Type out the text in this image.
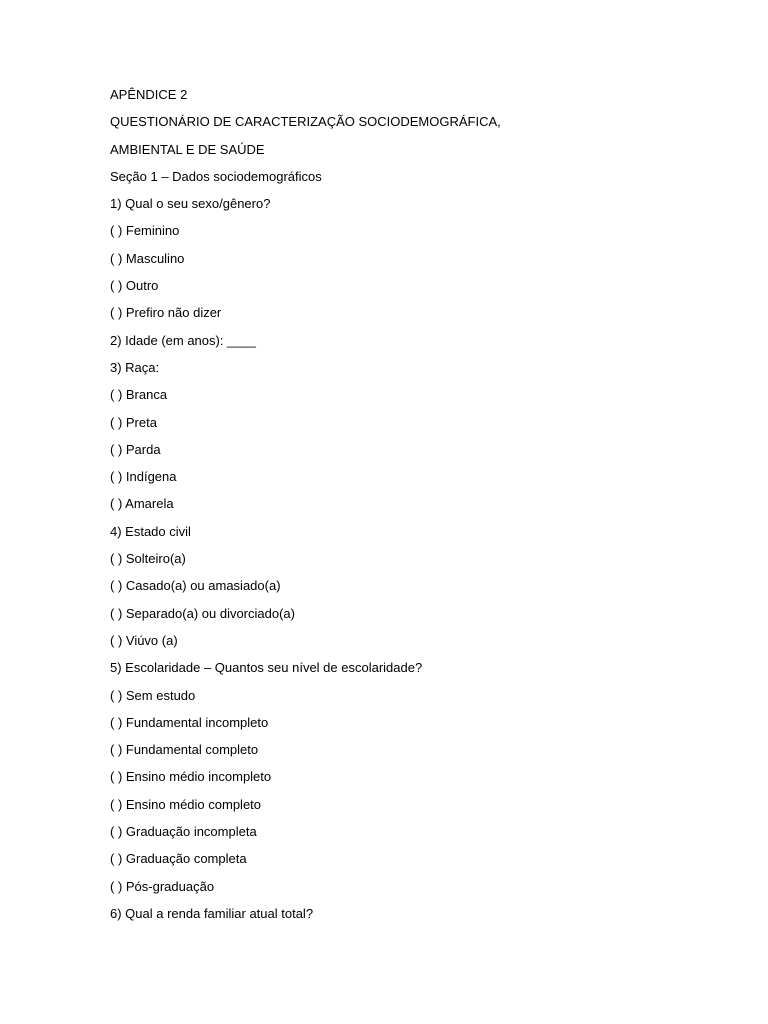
APÊNDICE 2
QUESTIONÁRIO DE CARACTERIZAÇÃO SOCIODEMOGRÁFICA,
AMBIENTAL E DE SAÚDE
Seção 1 – Dados sociodemográficos
1) Qual o seu sexo/gênero?
( ) Feminino
( ) Masculino
( ) Outro
( ) Prefiro não dizer
2) Idade (em anos): ____
3) Raça:
( ) Branca
( ) Preta
( ) Parda
( ) Indígena
( ) Amarela
4) Estado civil
( ) Solteiro(a)
( ) Casado(a) ou amasiado(a)
( ) Separado(a) ou divorciado(a)
( ) Viúvo (a)
5) Escolaridade – Quantos seu nível de escolaridade?
( ) Sem estudo
( ) Fundamental incompleto
( ) Fundamental completo
( ) Ensino médio incompleto
( ) Ensino médio completo
( ) Graduação incompleta
( ) Graduação completa
( ) Pós-graduação
6) Qual a renda familiar atual total?
